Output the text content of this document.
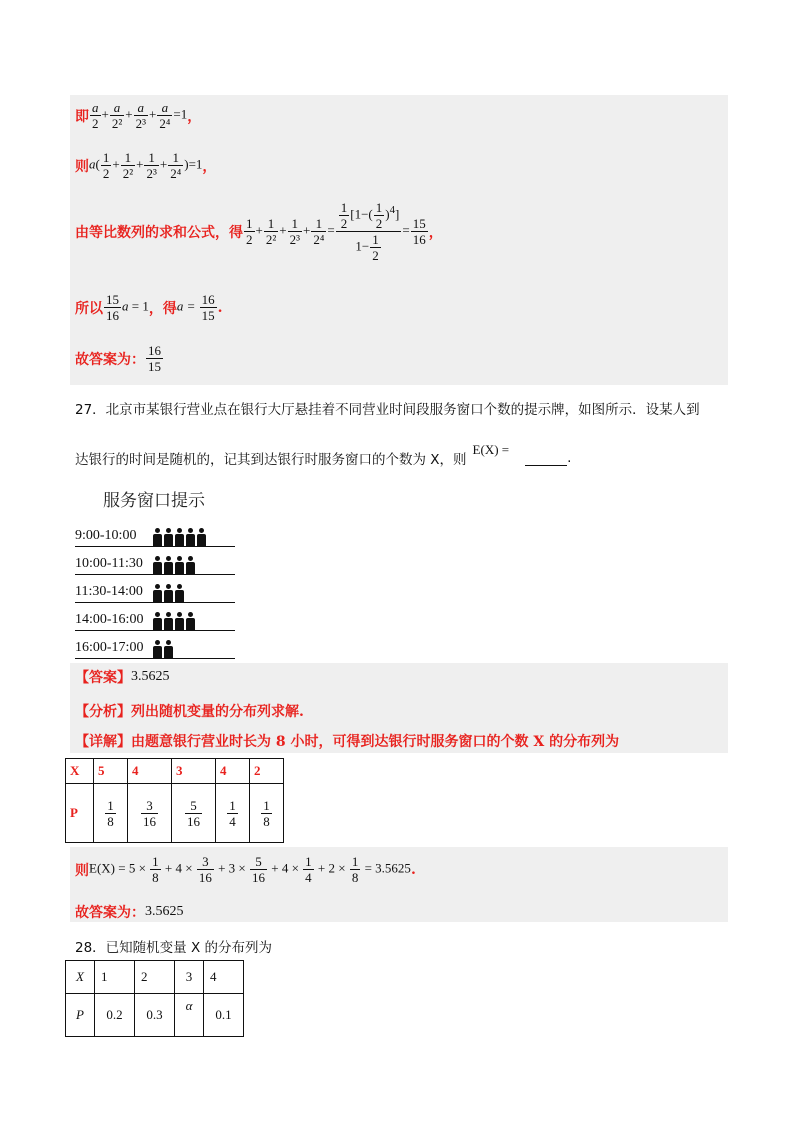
即 $\frac{a}{2} + \frac{a}{\text{2²}} + \frac{a}{\text{2³}} + \frac{a}{\text{2⁴}} =1$ ，
则 $a( \frac{1}{2} + \frac{1}{\text{2²}} + \frac{1}{\text{2³}} + \frac{1}{\text{2⁴}} )=1$ ，
由等比数列的求和公式，得 $\frac{1}{2} + \frac{1}{\text{2²}} + \frac{1}{\text{2³}} + \frac{1}{\text{2⁴}} = \frac{\frac{1}{2} [1-( \frac{1}{2} )^4]}{1- \frac{1}{2}} = \frac{15}{16}$ ，
所以 $\frac{15}{16}$ a = 1 ，得 $a = \frac{16}{15}$ .
故答案为： $\frac{16}{15}$
27．北京市某银行营业点在银行大厅悬挂着不同营业时间段服务窗口个数的提示牌，如图所示．设某人到
达银行的时间是随机的，记其到达银行时服务窗口的个数为 X，则
E(X) =
.
服务窗口提示
9:00-10:00
10:00-11:30
11:30-14:00
14:00-16:00
16:00-17:00
【答案】 3.5625
【分析】 列出随机变量的分布列求解.
【详解】 由题意银行营业时长为 8 小时，可得到达银行时服务窗口的个数 X 的分布列为
X	5	4	3	4	2
P	$\frac{1}{8}$	$\frac{3}{16}$	$\frac{5}{16}$	$\frac{1}{4}$	$\frac{1}{8}$
则 $E(X) = 5 \times \frac{1}{8} + 4 \times \frac{3}{16} + 3 \times \frac{5}{16} + 4 \times \frac{1}{4} + 2 \times \frac{1}{8} = 3.5625$ .
故答案为： 3.5625
28．已知随机变量 X 的分布列为
X	1	2	3	4
P	0.2	0.3	α	0.1
